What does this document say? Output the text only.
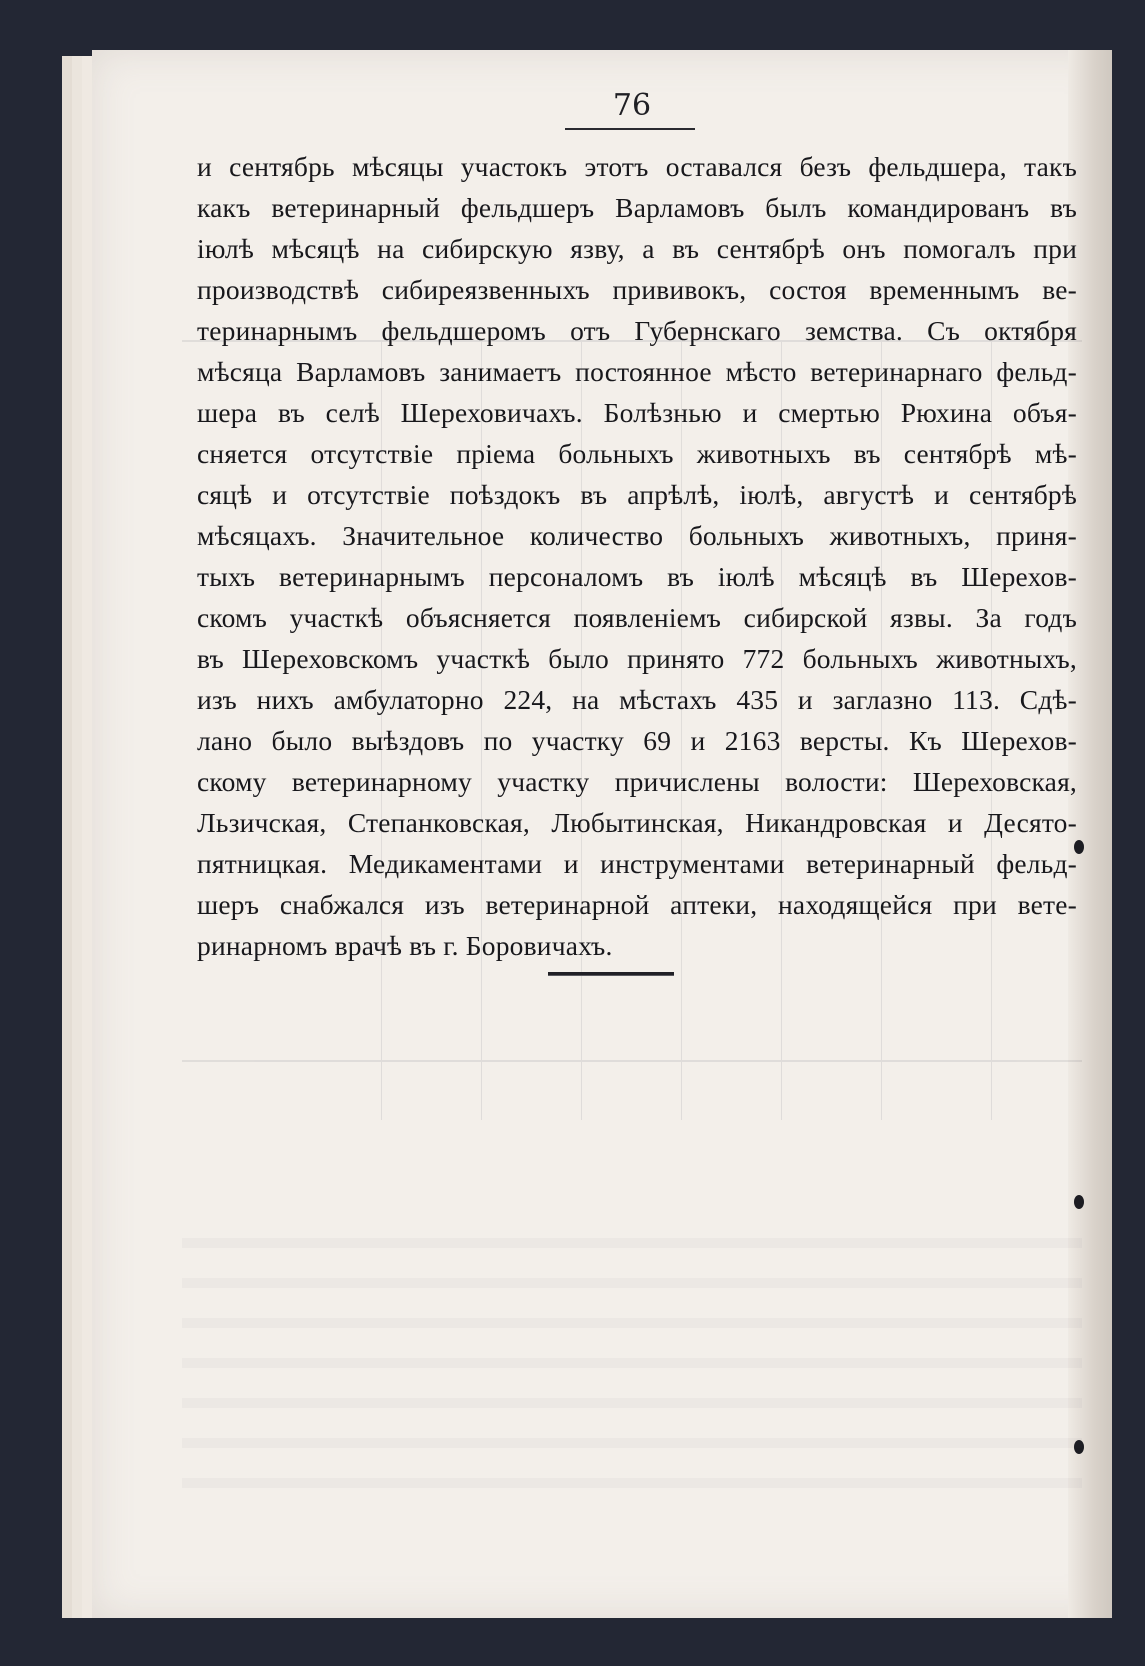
76

и сентябрь мѣсяцы участокъ этотъ оставался безъ фельдшера, такъ
какъ ветеринарный фельдшеръ Варламовъ былъ командированъ въ
іюлѣ мѣсяцѣ на сибирскую язву, а въ сентябрѣ онъ помогалъ при
производствѣ сибиреязвенныхъ прививокъ, состоя временнымъ ве-
теринарнымъ фельдшеромъ отъ Губернскаго земства. Съ октября
мѣсяца Варламовъ занимаетъ постоянное мѣсто ветеринарнаго фельд-
шера въ селѣ Шереховичахъ. Болѣзнью и смертью Рюхина объя-
сняется отсутствіе пріема больныхъ животныхъ въ сентябрѣ мѣ-
сяцѣ и отсутствіе поѣздокъ въ апрѣлѣ, іюлѣ, августѣ и сентябрѣ
мѣсяцахъ. Значительное количество больныхъ животныхъ, приня-
тыхъ ветеринарнымъ персоналомъ въ іюлѣ мѣсяцѣ въ Шерехов-
скомъ участкѣ объясняется появленіемъ сибирской язвы. За годъ
въ Шереховскомъ участкѣ было принято 772 больныхъ животныхъ,
изъ нихъ амбулаторно 224, на мѣстахъ 435 и заглазно 113. Сдѣ-
лано было выѣздовъ по участку 69 и 2163 версты. Къ Шерехов-
скому ветеринарному участку причислены волости: Шереховская,
Льзичская, Степанковская, Любытинская, Никандровская и Десято-
пятницкая. Медикаментами и инструментами ветеринарный фельд-
шеръ снабжался изъ ветеринарной аптеки, находящейся при вете-
ринарномъ врачѣ въ г. Боровичахъ.
